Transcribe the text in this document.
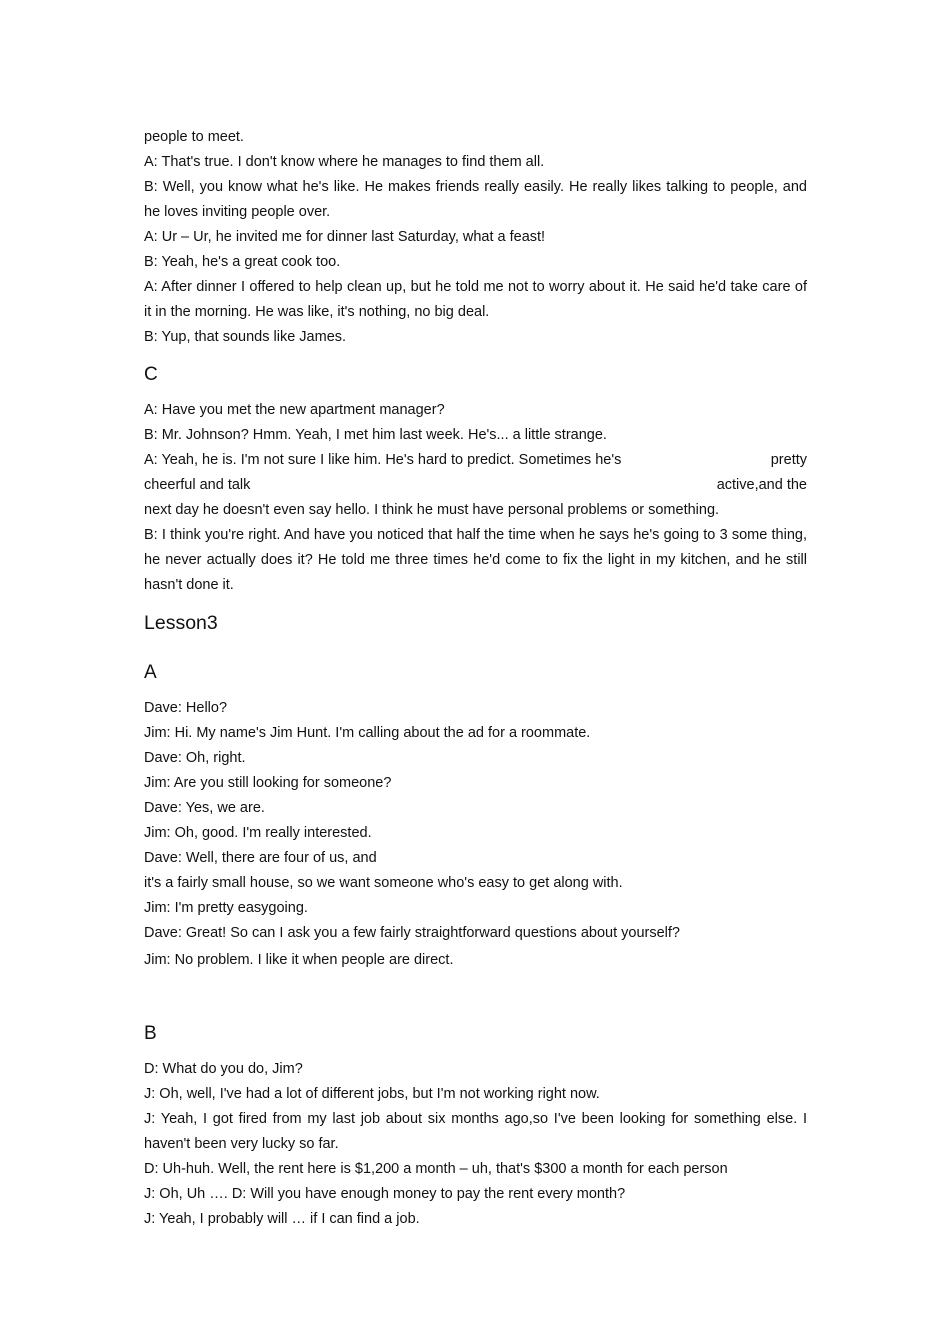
people to meet.
A: That's true. I don't know where he manages to find them all.
B: Well, you know what he's like. He makes friends really easily. He really likes talking to people, and he loves inviting people over.
A: Ur – Ur, he invited me for dinner last Saturday, what a feast!
B: Yeah, he's a great cook too.
A: After dinner I offered to help clean up, but he told me not to worry about it. He said he'd take care of it in the morning. He was like, it's nothing, no big deal.
B: Yup, that sounds like James.
C
A: Have you met the new apartment manager?
B: Mr. Johnson? Hmm. Yeah, I met him last week. He's... a little strange.
A: Yeah, he is. I'm not sure I like him. He's hard to predict. Sometimes he's	pretty
cheerful and talk	active,and the
next day he doesn't even say hello. I think he must have personal problems or something.
B: I think you're right. And have you noticed that half the time when he says he's going to 3 some thing, he never actually does it? He told me three times he'd come to fix the light in my kitchen, and he still hasn't done it.
Lesson3
A
Dave: Hello?
Jim: Hi. My name's Jim Hunt. I'm calling about the ad for a roommate.
Dave: Oh, right.
Jim: Are you still looking for someone?
Dave: Yes, we are.
Jim: Oh, good. I'm really interested.
Dave: Well, there are four of us, and
it's a fairly small house, so we want someone who's easy to get along with.
Jim: I'm pretty easygoing.
Dave: Great! So can I ask you a few fairly straightforward questions about yourself?
Jim: No problem. I like it when people are direct.
B
D: What do you do, Jim?
J: Oh, well, I've had a lot of different jobs, but I'm not working right now.
J: Yeah, I got fired from my last job about six months ago,so I've been looking for something else. I haven't been very lucky so far.
D: Uh-huh. Well, the rent here is $1,200 a month – uh, that's $300 a month for each person
J: Oh, Uh …. D: Will you have enough money to pay the rent every month?
J: Yeah, I probably will … if I can find a job.
